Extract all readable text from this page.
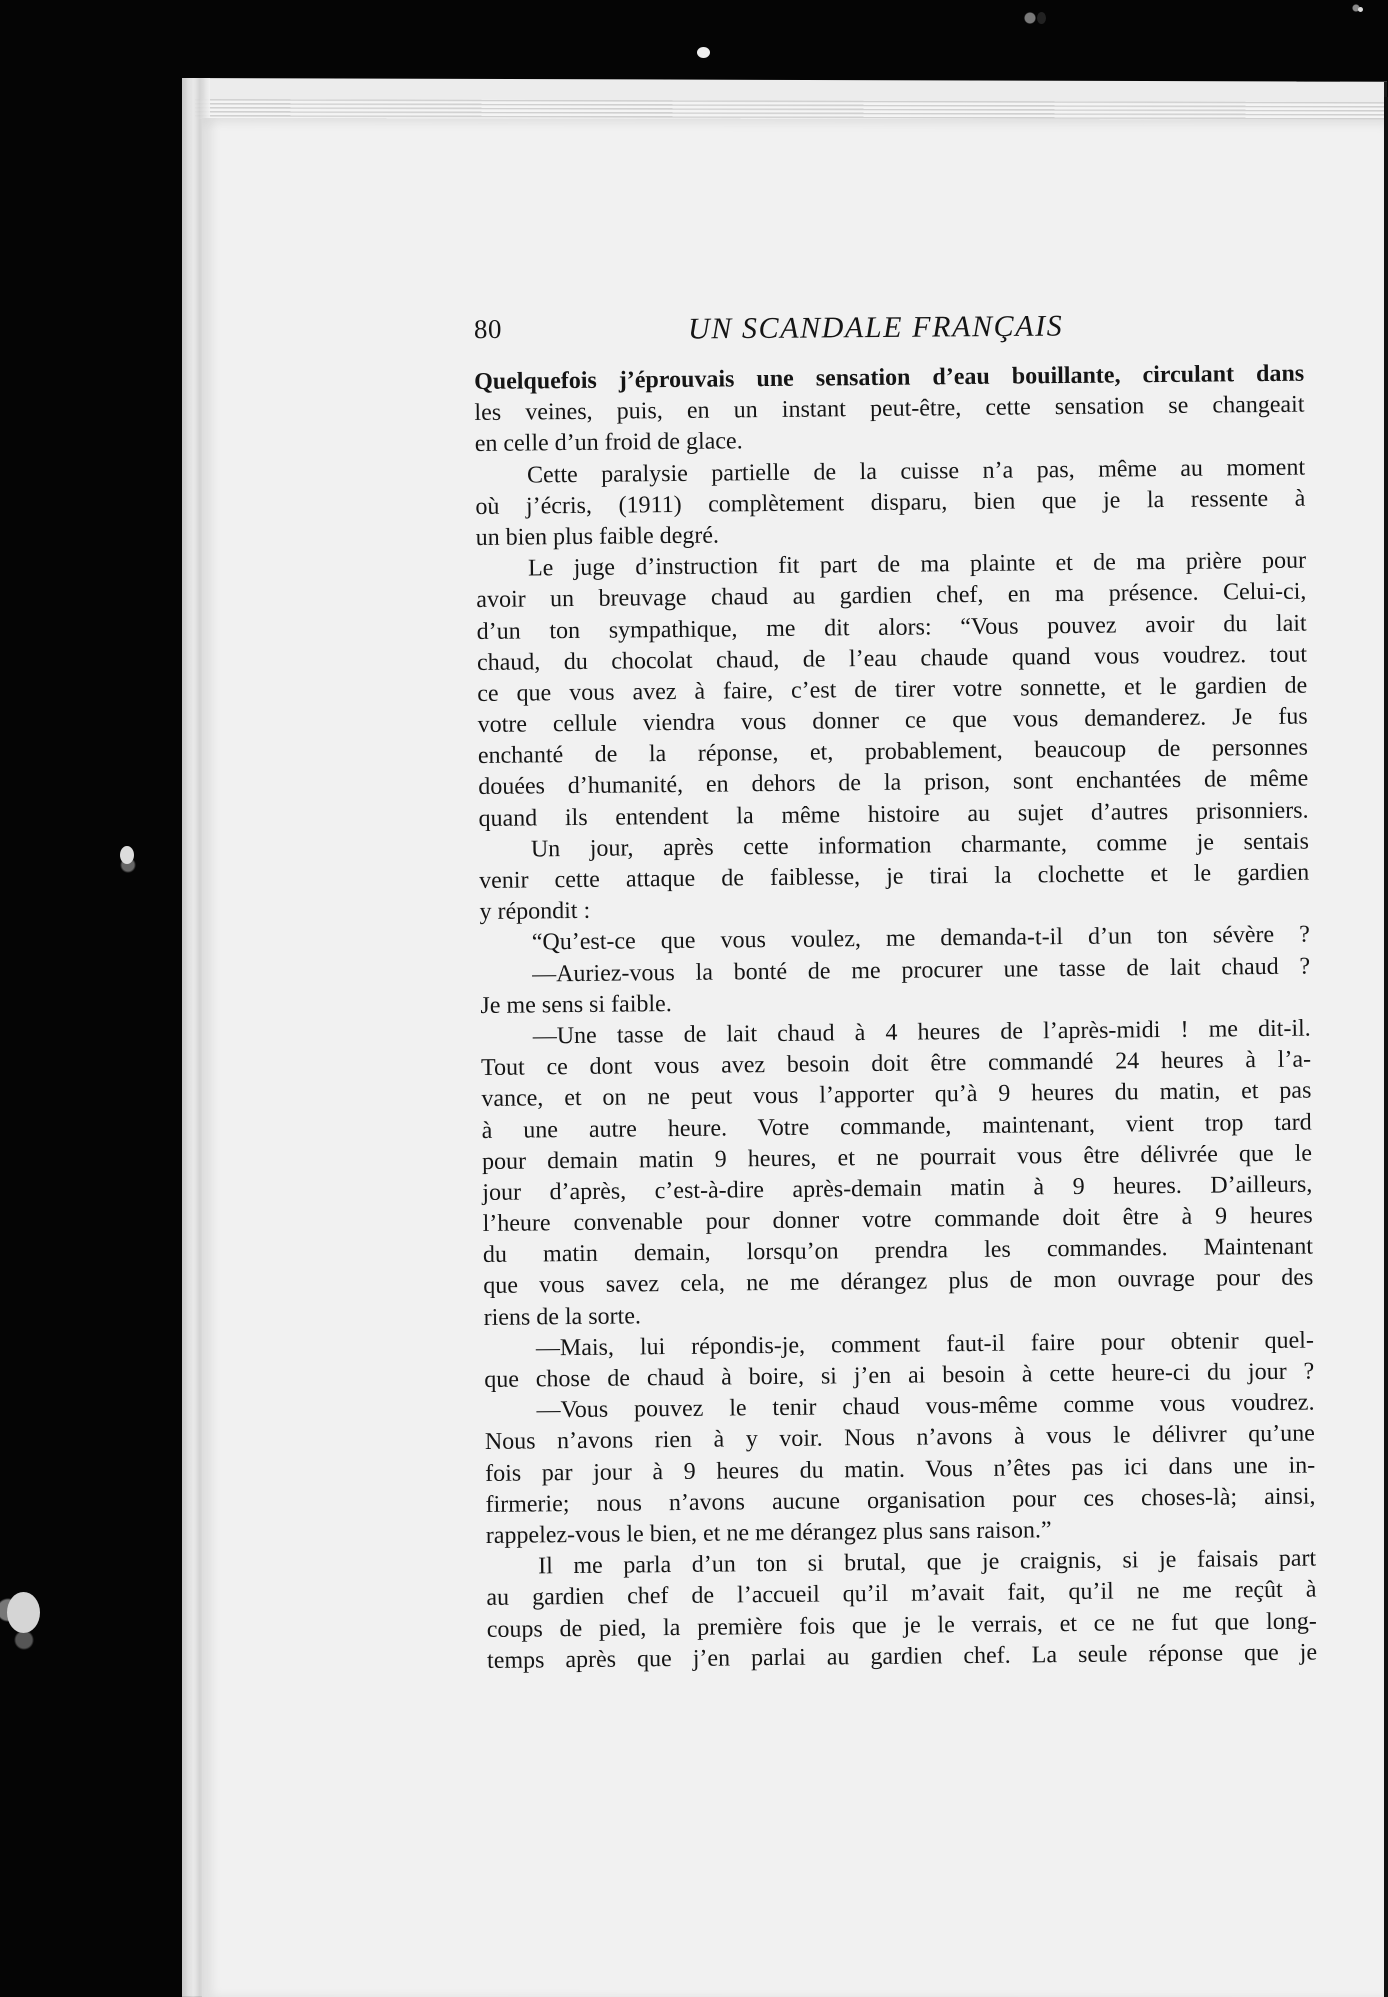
80	UN SCANDALE FRANÇAIS
Quelquefois j’éprouvais une sensation d’eau bouillante, circulant dans
les veines, puis, en un instant peut-être, cette sensation se changeait
en celle d’un froid de glace.
Cette paralysie partielle de la cuisse n’a pas, même au moment
où j’écris, (1911) complètement disparu, bien que je la ressente à
un bien plus faible degré.
Le juge d’instruction fit part de ma plainte et de ma prière pour
avoir un breuvage chaud au gardien chef, en ma présence. Celui-ci,
d’un ton sympathique, me dit alors: “Vous pouvez avoir du lait
chaud, du chocolat chaud, de l’eau chaude quand vous voudrez. tout
ce que vous avez à faire, c’est de tirer votre sonnette, et le gardien de
votre cellule viendra vous donner ce que vous demanderez. Je fus
enchanté de la réponse, et, probablement, beaucoup de personnes
douées d’humanité, en dehors de la prison, sont enchantées de même
quand ils entendent la même histoire au sujet d’autres prisonniers.
Un jour, après cette information charmante, comme je sentais
venir cette attaque de faiblesse, je tirai la clochette et le gardien
y répondit :
“Qu’est-ce que vous voulez, me demanda-t-il d’un ton sévère ?
—Auriez-vous la bonté de me procurer une tasse de lait chaud ?
Je me sens si faible.
—Une tasse de lait chaud à 4 heures de l’après-midi ! me dit-il.
Tout ce dont vous avez besoin doit être commandé 24 heures à l’a-
vance, et on ne peut vous l’apporter qu’à 9 heures du matin, et pas
à une autre heure. Votre commande, maintenant, vient trop tard
pour demain matin 9 heures, et ne pourrait vous être délivrée que le
jour d’après, c’est-à-dire après-demain matin à 9 heures. D’ailleurs,
l’heure convenable pour donner votre commande doit être à 9 heures
du matin demain, lorsqu’on prendra les commandes. Maintenant
que vous savez cela, ne me dérangez plus de mon ouvrage pour des
riens de la sorte.
—Mais, lui répondis-je, comment faut-il faire pour obtenir quel-
que chose de chaud à boire, si j’en ai besoin à cette heure-ci du jour ?
—Vous pouvez le tenir chaud vous-même comme vous voudrez.
Nous n’avons rien à y voir. Nous n’avons à vous le délivrer qu’une
fois par jour à 9 heures du matin. Vous n’êtes pas ici dans une in-
firmerie; nous n’avons aucune organisation pour ces choses-là; ainsi,
rappelez-vous le bien, et ne me dérangez plus sans raison.”
Il me parla d’un ton si brutal, que je craignis, si je faisais part
au gardien chef de l’accueil qu’il m’avait fait, qu’il ne me reçût à
coups de pied, la première fois que je le verrais, et ce ne fut que long-
temps après que j’en parlai au gardien chef. La seule réponse que je
